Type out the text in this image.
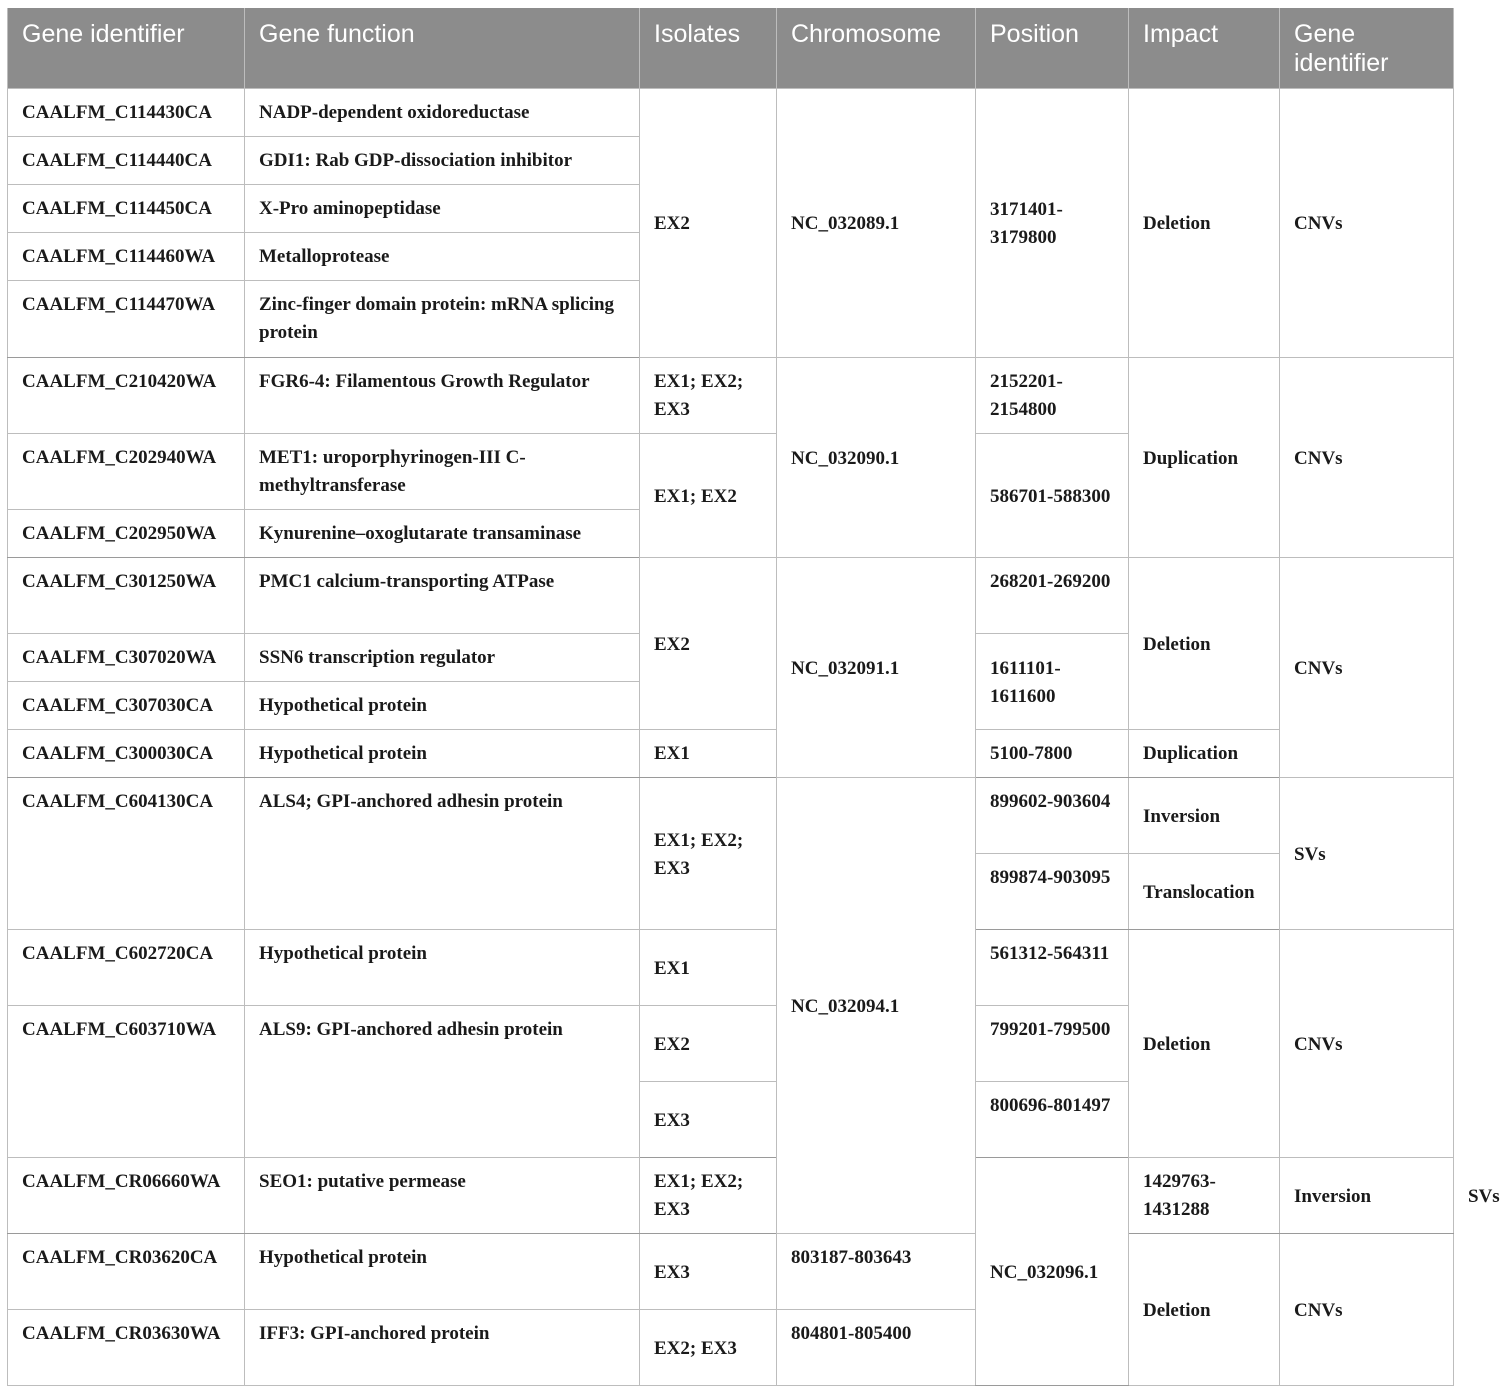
Gene identifier	Gene function	Isolates	Chromosome	Position	Impact	Gene identifier	
CAALFM_C114430CA	NADP-dependent oxidoreductase	EX2	NC_032089.1	3171401-3179800	Deletion	CNVs	
CAALFM_C114440CA	GDI1: Rab GDP-dissociation inhibitor						
CAALFM_C114450CA	X-Pro aminopeptidase						
CAALFM_C114460WA	Metalloprotease						
CAALFM_C114470WA	Zinc-finger domain protein: mRNA splicing protein						
CAALFM_C210420WA	FGR6-4: Filamentous Growth Regulator	EX1; EX2; EX3	NC_032090.1	2152201-2154800	Duplication	CNVs	
CAALFM_C202940WA	MET1: uroporphyrinogen-III C-methyltransferase	EX1; EX2		586701-588300			
CAALFM_C202950WA	Kynurenine–oxoglutarate transaminase						
CAALFM_C301250WA	PMC1 calcium-transporting ATPase	EX2	NC_032091.1	268201-269200	Deletion	CNVs	
CAALFM_C307020WA	SSN6 transcription regulator			1611101-1611600			
CAALFM_C307030CA	Hypothetical protein						
CAALFM_C300030CA	Hypothetical protein	EX1		5100-7800	Duplication		
CAALFM_C604130CA	ALS4; GPI-anchored adhesin protein	EX1; EX2; EX3	NC_032094.1	899602-903604	Inversion	SVs	
				899874-903095	Translocation		
CAALFM_C602720CA	Hypothetical protein	EX1		561312-564311	Deletion	CNVs	
CAALFM_C603710WA	ALS9: GPI-anchored adhesin protein	EX2		799201-799500			
		EX3		800696-801497			
CAALFM_CR06660WA	SEO1: putative permease	EX1; EX2; EX3		NC_032096.1	1429763-1431288	Inversion	SVs
CAALFM_CR03620CA	Hypothetical protein	EX3	803187-803643		Deletion	CNVs	
CAALFM_CR03630WA	IFF3: GPI-anchored protein	EX2; EX3	804801-805400				
